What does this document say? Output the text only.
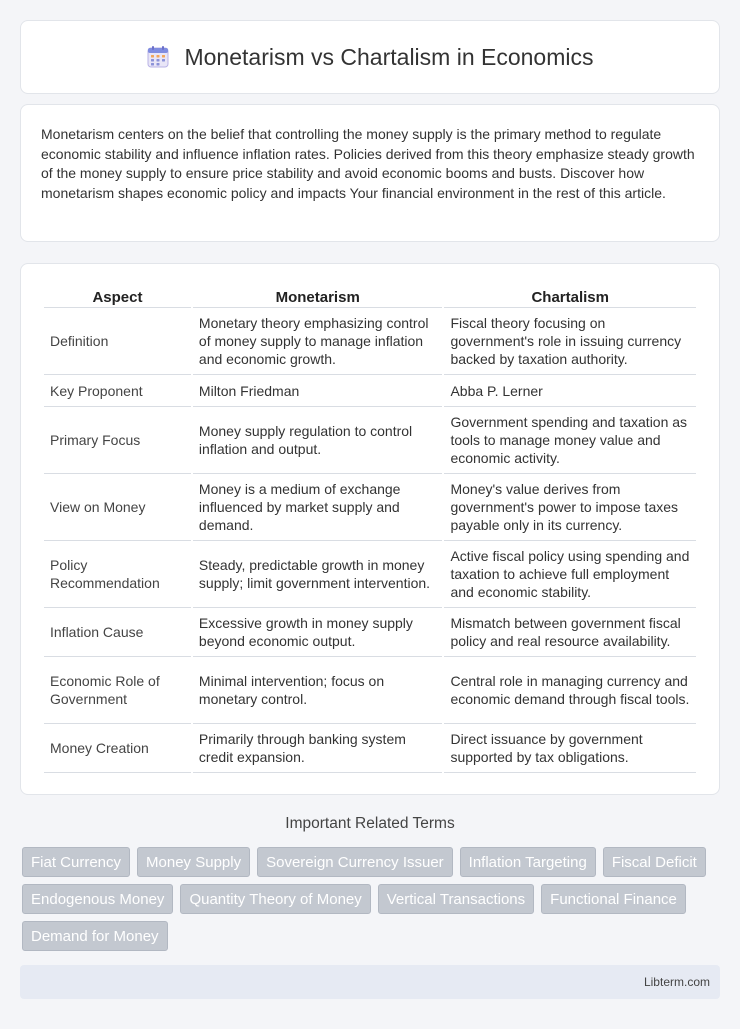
Monetarism vs Chartalism in Economics

Monetarism centers on the belief that controlling the money supply is the primary method to regulate economic stability and influence inflation rates. Policies derived from this theory emphasize steady growth of the money supply to ensure price stability and avoid economic booms and busts. Discover how monetarism shapes economic policy and impacts Your financial environment in the rest of this article.

Aspect	Monetarism	Chartalism
Definition	Monetary theory emphasizing control of money supply to manage inflation and economic growth.	Fiscal theory focusing on government's role in issuing currency backed by taxation authority.
Key Proponent	Milton Friedman	Abba P. Lerner
Primary Focus	Money supply regulation to control inflation and output.	Government spending and taxation as tools to manage money value and economic activity.
View on Money	Money is a medium of exchange influenced by market supply and demand.	Money's value derives from government's power to impose taxes payable only in its currency.
Policy Recommendation	Steady, predictable growth in money supply; limit government intervention.	Active fiscal policy using spending and taxation to achieve full employment and economic stability.
Inflation Cause	Excessive growth in money supply beyond economic output.	Mismatch between government fiscal policy and real resource availability.
Economic Role of Government	Minimal intervention; focus on monetary control.	Central role in managing currency and economic demand through fiscal tools.
Money Creation	Primarily through banking system credit expansion.	Direct issuance by government supported by tax obligations.
Important Related Terms
Fiat Currency	Money Supply	Sovereign Currency Issuer	Inflation Targeting	Fiscal Deficit
Endogenous Money	Quantity Theory of Money	Vertical Transactions	Functional Finance
Demand for Money
Libterm.com
